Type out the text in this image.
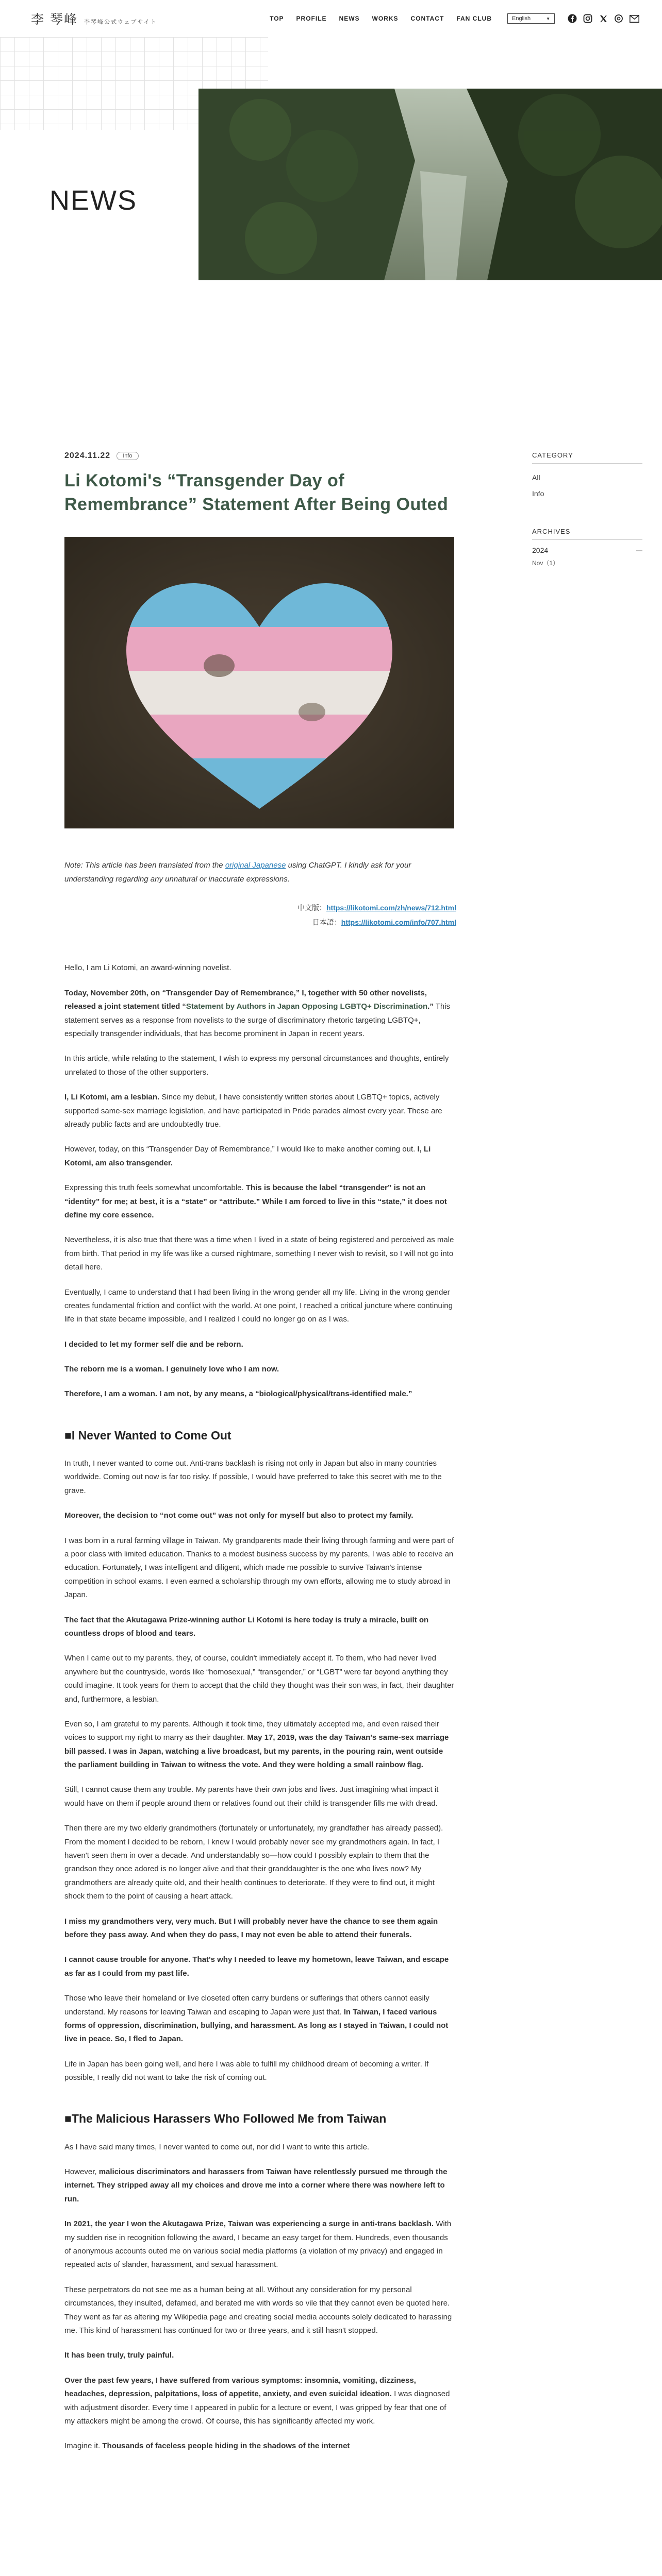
李 琴峰 李琴峰公式ウェブサイト	TOP	PROFILE	NEWS	WORKS	CONTACT	FAN CLUB	English	▼
NEWS
2024.11.22	Info
Li Kotomi's “Transgender Day of Remembrance” Statement After Being Outed

Note: This article has been translated from the original Japanese using ChatGPT. I kindly ask for your understanding regarding any unnatural or inaccurate expressions.

中文版：https://likotomi.com/zh/news/712.html
日本語：https://likotomi.com/info/707.html

Hello, I am Li Kotomi, an award-winning novelist.

Today, November 20th, on “Transgender Day of Remembrance,” I, together with 50 other novelists, released a joint statement titled “Statement by Authors in Japan Opposing LGBTQ+ Discrimination.” This statement serves as a response from novelists to the surge of discriminatory rhetoric targeting LGBTQ+, especially transgender individuals, that has become prominent in Japan in recent years.

In this article, while relating to the statement, I wish to express my personal circumstances and thoughts, entirely unrelated to those of the other supporters.

I, Li Kotomi, am a lesbian. Since my debut, I have consistently written stories about LGBTQ+ topics, actively supported same-sex marriage legislation, and have participated in Pride parades almost every year. These are already public facts and are undoubtedly true.

However, today, on this “Transgender Day of Remembrance,” I would like to make another coming out. I, Li Kotomi, am also transgender.

Expressing this truth feels somewhat uncomfortable. This is because the label “transgender” is not an “identity” for me; at best, it is a “state” or “attribute.” While I am forced to live in this “state,” it does not define my core essence.

Nevertheless, it is also true that there was a time when I lived in a state of being registered and perceived as male from birth. That period in my life was like a cursed nightmare, something I never wish to revisit, so I will not go into detail here.

Eventually, I came to understand that I had been living in the wrong gender all my life. Living in the wrong gender creates fundamental friction and conflict with the world. At one point, I reached a critical juncture where continuing life in that state became impossible, and I realized I could no longer go on as I was.

I decided to let my former self die and be reborn.

The reborn me is a woman. I genuinely love who I am now.

Therefore, I am a woman. I am not, by any means, a “biological/physical/trans-identified male.”

■I Never Wanted to Come Out

In truth, I never wanted to come out. Anti-trans backlash is rising not only in Japan but also in many countries worldwide. Coming out now is far too risky. If possible, I would have preferred to take this secret with me to the grave.

Moreover, the decision to “not come out” was not only for myself but also to protect my family.

I was born in a rural farming village in Taiwan. My grandparents made their living through farming and were part of a poor class with limited education. Thanks to a modest business success by my parents, I was able to receive an education. Fortunately, I was intelligent and diligent, which made me possible to survive Taiwan's intense competition in school exams. I even earned a scholarship through my own efforts, allowing me to study abroad in Japan.

The fact that the Akutagawa Prize-winning author Li Kotomi is here today is truly a miracle, built on countless drops of blood and tears.

When I came out to my parents, they, of course, couldn't immediately accept it. To them, who had never lived anywhere but the countryside, words like “homosexual,” “transgender,” or “LGBT” were far beyond anything they could imagine. It took years for them to accept that the child they thought was their son was, in fact, their daughter and, furthermore, a lesbian.

Even so, I am grateful to my parents. Although it took time, they ultimately accepted me, and even raised their voices to support my right to marry as their daughter. May 17, 2019, was the day Taiwan's same-sex marriage bill passed. I was in Japan, watching a live broadcast, but my parents, in the pouring rain, went outside the parliament building in Taiwan to witness the vote. And they were holding a small rainbow flag.

Still, I cannot cause them any trouble. My parents have their own jobs and lives. Just imagining what impact it would have on them if people around them or relatives found out their child is transgender fills me with dread.

Then there are my two elderly grandmothers (fortunately or unfortunately, my grandfather has already passed). From the moment I decided to be reborn, I knew I would probably never see my grandmothers again. In fact, I haven't seen them in over a decade. And understandably so—how could I possibly explain to them that the grandson they once adored is no longer alive and that their granddaughter is the one who lives now? My grandmothers are already quite old, and their health continues to deteriorate. If they were to find out, it might shock them to the point of causing a heart attack.

I miss my grandmothers very, very much. But I will probably never have the chance to see them again before they pass away. And when they do pass, I may not even be able to attend their funerals.

I cannot cause trouble for anyone. That's why I needed to leave my hometown, leave Taiwan, and escape as far as I could from my past life.

Those who leave their homeland or live closeted often carry burdens or sufferings that others cannot easily understand. My reasons for leaving Taiwan and escaping to Japan were just that. In Taiwan, I faced various forms of oppression, discrimination, bullying, and harassment. As long as I stayed in Taiwan, I could not live in peace. So, I fled to Japan.

Life in Japan has been going well, and here I was able to fulfill my childhood dream of becoming a writer. If possible, I really did not want to take the risk of coming out.

■The Malicious Harassers Who Followed Me from Taiwan

As I have said many times, I never wanted to come out, nor did I want to write this article.

However, malicious discriminators and harassers from Taiwan have relentlessly pursued me through the internet. They stripped away all my choices and drove me into a corner where there was nowhere left to run.

In 2021, the year I won the Akutagawa Prize, Taiwan was experiencing a surge in anti-trans backlash. With my sudden rise in recognition following the award, I became an easy target for them. Hundreds, even thousands of anonymous accounts outed me on various social media platforms (a violation of my privacy) and engaged in repeated acts of slander, harassment, and sexual harassment.

These perpetrators do not see me as a human being at all. Without any consideration for my personal circumstances, they insulted, defamed, and berated me with words so vile that they cannot even be quoted here. They went as far as altering my Wikipedia page and creating social media accounts solely dedicated to harassing me. This kind of harassment has continued for two or three years, and it still hasn't stopped.

It has been truly, truly painful.

Over the past few years, I have suffered from various symptoms: insomnia, vomiting, dizziness, headaches, depression, palpitations, loss of appetite, anxiety, and even suicidal ideation. I was diagnosed with adjustment disorder. Every time I appeared in public for a lecture or event, I was gripped by fear that one of my attackers might be among the crowd. Of course, this has significantly affected my work.

Imagine it. Thousands of faceless people hiding in the shadows of the internet

CATEGORY
All
Info
ARCHIVES
2024	—
Nov（1）
